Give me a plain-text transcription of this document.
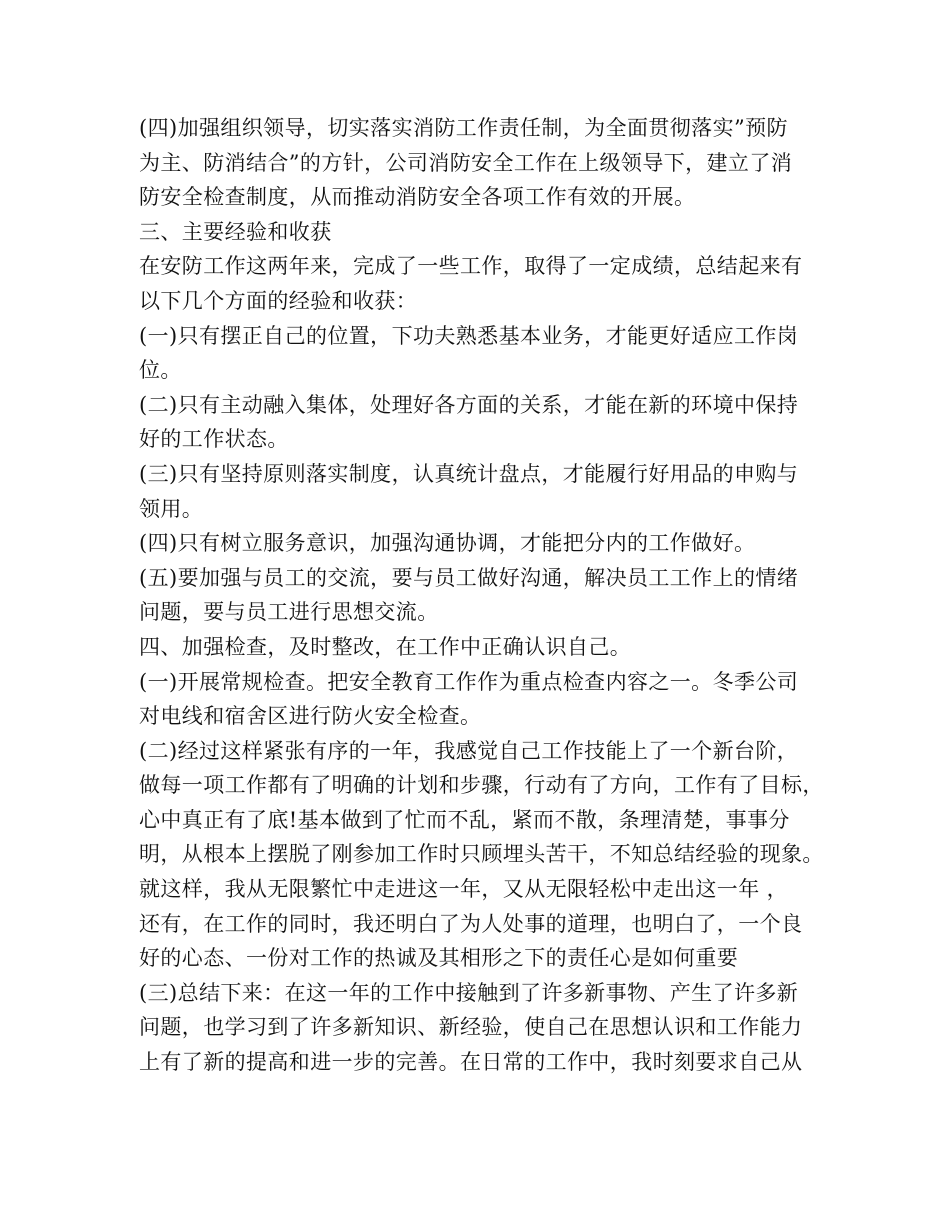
(四)加强组织领导，切实落实消防工作责任制，为全面贯彻落实”预防
为主、防消结合”的方针，公司消防安全工作在上级领导下，建立了消
防安全检查制度，从而推动消防安全各项工作有效的开展。
三、主要经验和收获
在安防工作这两年来，完成了一些工作，取得了一定成绩，总结起来有
以下几个方面的经验和收获：
(一)只有摆正自己的位置，下功夫熟悉基本业务，才能更好适应工作岗
位。
(二)只有主动融入集体，处理好各方面的关系，才能在新的环境中保持
好的工作状态。
(三)只有坚持原则落实制度，认真统计盘点，才能履行好用品的申购与
领用。
(四)只有树立服务意识，加强沟通协调，才能把分内的工作做好。
(五)要加强与员工的交流，要与员工做好沟通，解决员工工作上的情绪
问题，要与员工进行思想交流。
四、加强检查，及时整改，在工作中正确认识自己。
(一)开展常规检查。把安全教育工作作为重点检查内容之一。冬季公司
对电线和宿舍区进行防火安全检查。
(二)经过这样紧张有序的一年，我感觉自己工作技能上了一个新台阶，
做每一项工作都有了明确的计划和步骤，行动有了方向，工作有了目标，
心中真正有了底!基本做到了忙而不乱，紧而不散，条理清楚，事事分
明，从根本上摆脱了刚参加工作时只顾埋头苦干，不知总结经验的现象。
就这样，我从无限繁忙中走进这一年，又从无限轻松中走出这一年 ，
还有，在工作的同时，我还明白了为人处事的道理，也明白了，一个良
好的心态、一份对工作的热诚及其相形之下的责任心是如何重要
(三)总结下来：在这一年的工作中接触到了许多新事物、产生了许多新
问题，也学习到了许多新知识、新经验，使自己在思想认识和工作能力
上有了新的提高和进一步的完善。在日常的工作中，我时刻要求自己从
